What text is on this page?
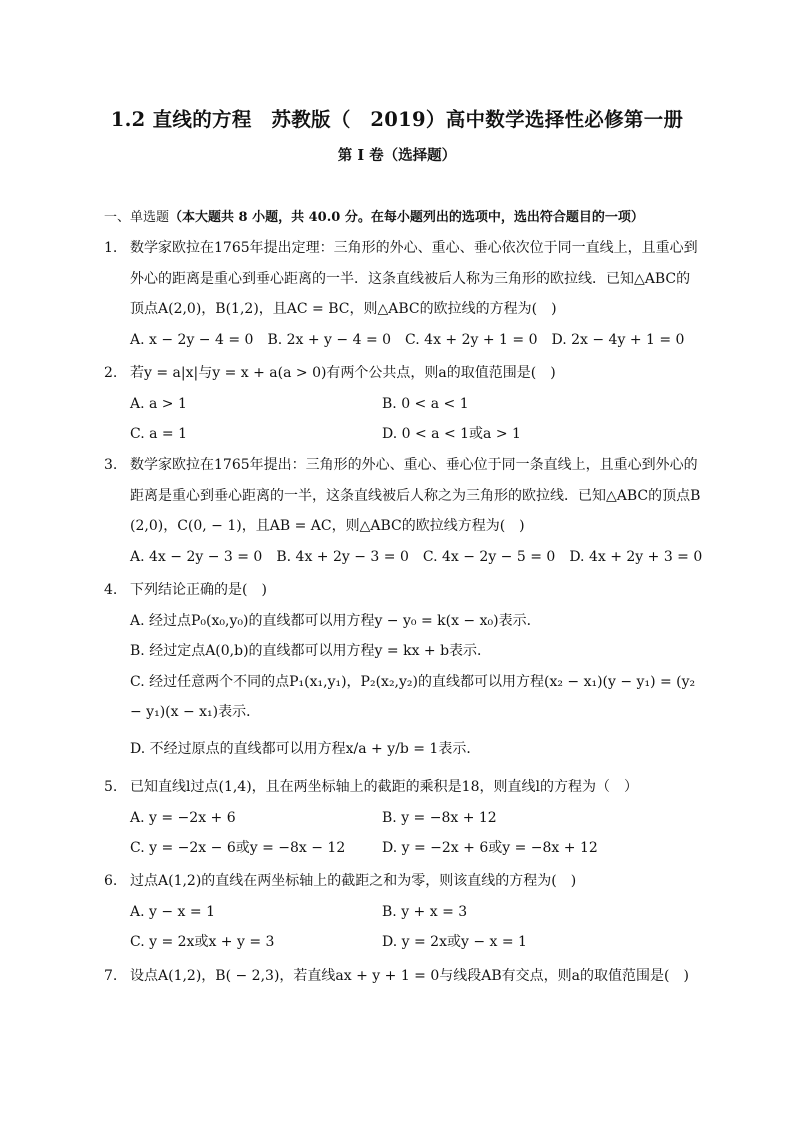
1.2 直线的方程　苏教版（　2019）高中数学选择性必修第一册
第 I 卷（选择题）
一、单选题（本大题共 8 小题，共 40.0 分。在每小题列出的选项中，选出符合题目的一项）
1. 数学家欧拉在1765年提出定理：三角形的外心、重心、垂心依次位于同一直线上，且重心到
外心的距离是重心到垂心距离的一半．这条直线被后人称为三角形的欧拉线．已知△ABC的
顶点A(2,0)，B(1,2)，且AC = BC，则△ABC的欧拉线的方程为(　)
A. x − 2y − 4 = 0 B. 2x + y − 4 = 0 C. 4x + 2y + 1 = 0 D. 2x − 4y + 1 = 0
2. 若y = a|x|与y = x + a(a > 0)有两个公共点，则a的取值范围是(　)
A. a > 1	B. 0 < a < 1
C. a = 1	D. 0 < a < 1或a > 1
3. 数学家欧拉在1765年提出：三角形的外心、重心、垂心位于同一条直线上，且重心到外心的
距离是重心到垂心距离的一半，这条直线被后人称之为三角形的欧拉线．已知△ABC的顶点B
(2,0)，C(0, − 1)，且AB = AC，则△ABC的欧拉线方程为(　)
A. 4x − 2y − 3 = 0 B. 4x + 2y − 3 = 0 C. 4x − 2y − 5 = 0 D. 4x + 2y + 3 = 0
4. 下列结论正确的是(　)
A. 经过点P₀(x₀,y₀)的直线都可以用方程y − y₀ = k(x − x₀)表示．
B. 经过定点A(0,b)的直线都可以用方程y = kx + b表示．
C. 经过任意两个不同的点P₁(x₁,y₁)，P₂(x₂,y₂)的直线都可以用方程(x₂ − x₁)(y − y₁) = (y₂
− y₁)(x − x₁)表示．
D. 不经过原点的直线都可以用方程x/a + y/b = 1表示．
5. 已知直线l过点(1,4)，且在两坐标轴上的截距的乘积是18，则直线l的方程为（　）
A. y = −2x + 6	B. y = −8x + 12
C. y = −2x − 6或y = −8x − 12	D. y = −2x + 6或y = −8x + 12
6. 过点A(1,2)的直线在两坐标轴上的截距之和为零，则该直线的方程为(　)
A. y − x = 1	B. y + x = 3
C. y = 2x或x + y = 3	D. y = 2x或y − x = 1
7. 设点A(1,2)，B( − 2,3)，若直线ax + y + 1 = 0与线段AB有交点，则a的取值范围是(　)
